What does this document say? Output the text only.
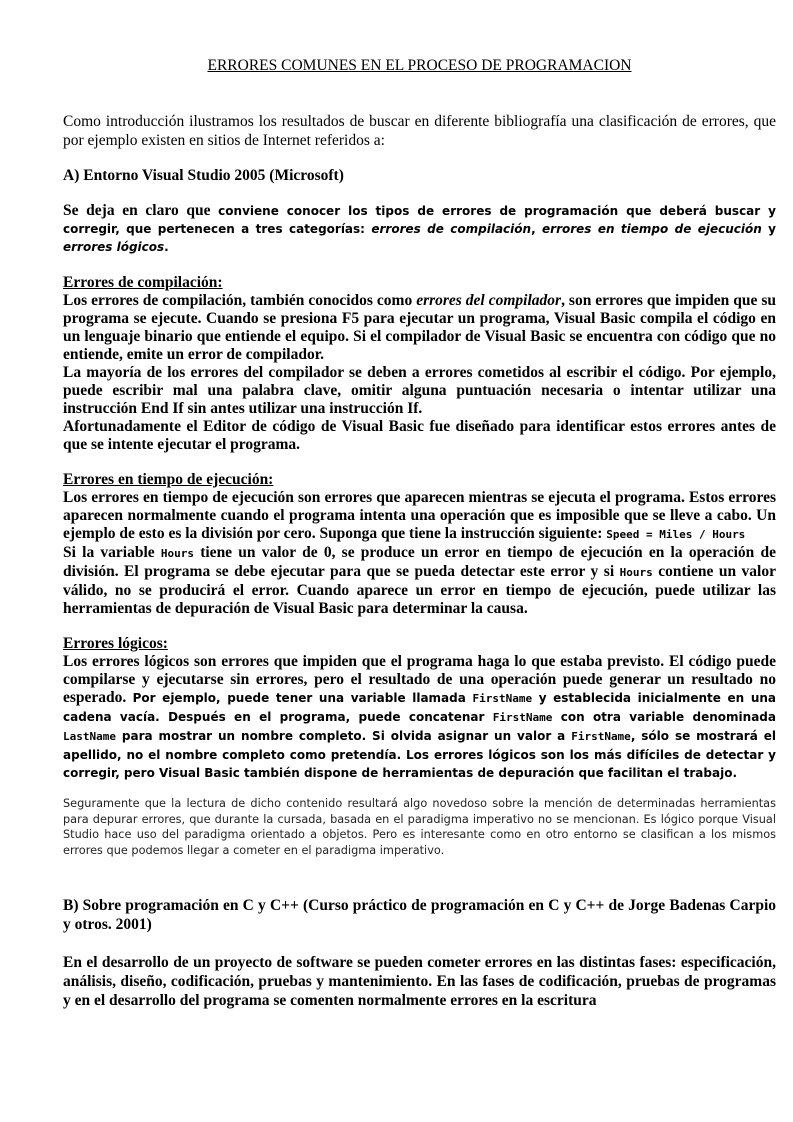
ERRORES COMUNES EN EL PROCESO DE PROGRAMACION

Como introducción ilustramos los resultados de buscar en diferente bibliografía una clasificación de errores, que por ejemplo existen en sitios de Internet referidos a:

A) Entorno Visual Studio 2005 (Microsoft)

Se deja en claro que conviene conocer los tipos de errores de programación que deberá buscar y corregir, que pertenecen a tres categorías: errores de compilación, errores en tiempo de ejecución y errores lógicos.

Errores de compilación:

Los errores de compilación, también conocidos como errores del compilador, son errores que impiden que su programa se ejecute. Cuando se presiona F5 para ejecutar un programa, Visual Basic compila el código en un lenguaje binario que entiende el equipo. Si el compilador de Visual Basic se encuentra con código que no entiende, emite un error de compilador.

La mayoría de los errores del compilador se deben a errores cometidos al escribir el código. Por ejemplo, puede escribir mal una palabra clave, omitir alguna puntuación necesaria o intentar utilizar una instrucción End If sin antes utilizar una instrucción If.

Afortunadamente el Editor de código de Visual Basic fue diseñado para identificar estos errores antes de que se intente ejecutar el programa.

Errores en tiempo de ejecución:

Los errores en tiempo de ejecución son errores que aparecen mientras se ejecuta el programa. Estos errores aparecen normalmente cuando el programa intenta una operación que es imposible que se lleve a cabo. Un ejemplo de esto es la división por cero. Suponga que tiene la instrucción siguiente: Speed = Miles / Hours

Si la variable Hours tiene un valor de 0, se produce un error en tiempo de ejecución en la operación de división. El programa se debe ejecutar para que se pueda detectar este error y si Hours contiene un valor válido, no se producirá el error. Cuando aparece un error en tiempo de ejecución, puede utilizar las herramientas de depuración de Visual Basic para determinar la causa.

Errores lógicos:

Los errores lógicos son errores que impiden que el programa haga lo que estaba previsto. El código puede compilarse y ejecutarse sin errores, pero el resultado de una operación puede generar un resultado no esperado. Por ejemplo, puede tener una variable llamada FirstName y establecida inicialmente en una cadena vacía. Después en el programa, puede concatenar FirstName con otra variable denominada LastName para mostrar un nombre completo. Si olvida asignar un valor a FirstName, sólo se mostrará el apellido, no el nombre completo como pretendía. Los errores lógicos son los más difíciles de detectar y corregir, pero Visual Basic también dispone de herramientas de depuración que facilitan el trabajo.

Seguramente que la lectura de dicho contenido resultará algo novedoso sobre la mención de determinadas herramientas para depurar errores, que durante la cursada, basada en el paradigma imperativo no se mencionan. Es lógico porque Visual Studio hace uso del paradigma orientado a objetos. Pero es interesante como en otro entorno se clasifican a los mismos errores que podemos llegar a cometer en el paradigma imperativo.

B) Sobre programación en C y C++ (Curso práctico de programación en C y C++ de Jorge Badenas Carpio y otros. 2001)

En el desarrollo de un proyecto de software se pueden cometer errores en las distintas fases: especificación, análisis, diseño, codificación, pruebas y mantenimiento. En las fases de codificación, pruebas de programas y en el desarrollo del programa se comenten normalmente errores en la escritura
